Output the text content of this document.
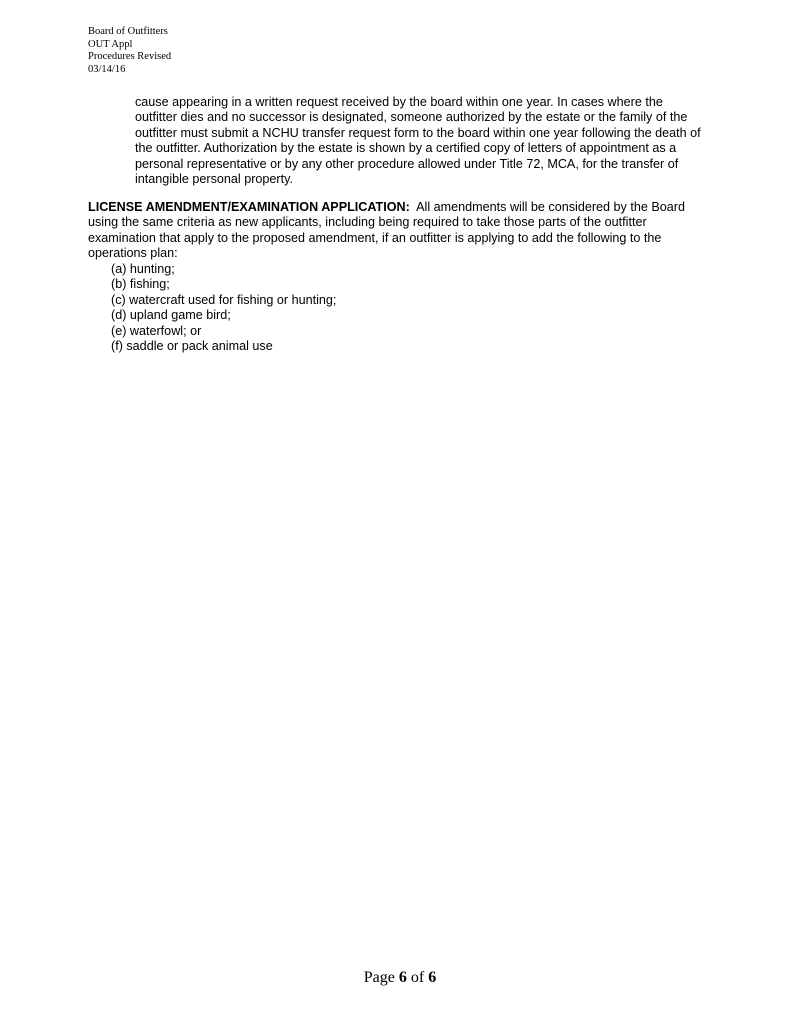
Board of Outfitters
OUT Appl
Procedures Revised
03/14/16
cause appearing in a written request received by the board within one year. In cases where the
outfitter dies and no successor is designated, someone authorized by the estate or the family of the
outfitter must submit a NCHU transfer request form to the board within one year following the death of
the outfitter. Authorization by the estate is shown by a certified copy of letters of appointment as a
personal representative or by any other procedure allowed under Title 72, MCA, for the transfer of
intangible personal property.
LICENSE AMENDMENT/EXAMINATION APPLICATION:  All amendments will be considered by the Board
using the same criteria as new applicants, including being required to take those parts of the outfitter
examination that apply to the proposed amendment, if an outfitter is applying to add the following to the
operations plan:
(a) hunting;
(b) fishing;
(c) watercraft used for fishing or hunting;
(d) upland game bird;
(e) waterfowl; or
(f) saddle or pack animal use
Page 6 of 6
